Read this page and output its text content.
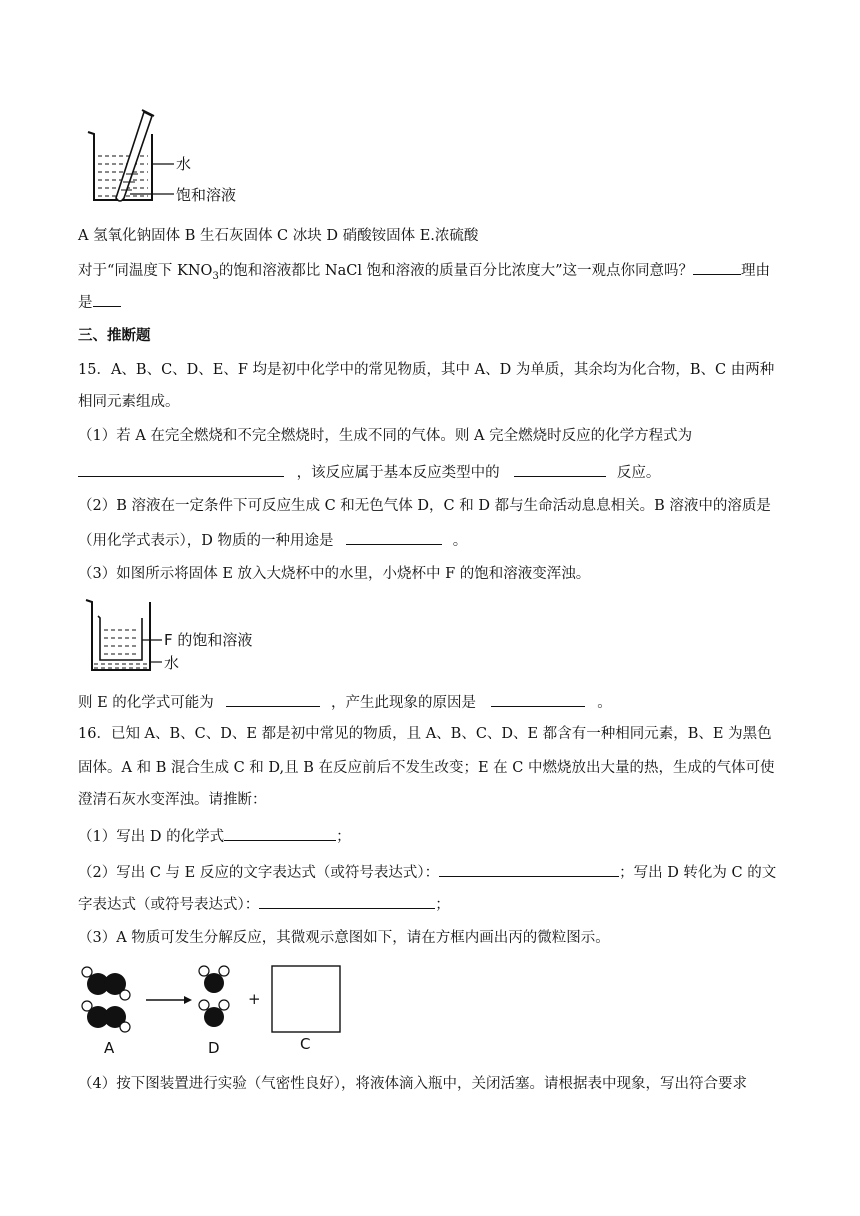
水
饱和溶液
A 氢氧化钠固体 B 生石灰固体 C 冰块 D 硝酸铵固体 E.浓硫酸
对于“同温度下 $KNO_3$的饱和溶液都比 NaCl 饱和溶液的质量百分比浓度大”这一观点你同意吗？	理由
是
三、推断题
15．A、B、C、D、E、F 均是初中化学中的常见物质，其中 A、D 为单质，其余均为化合物，B、C 由两种
相同元素组成。
（1）若 A 在完全燃烧和不完全燃烧时，生成不同的气体。则 A 完全燃烧时反应的化学方程式为
，该反应属于基本反应类型中的	反应。
（2）B 溶液在一定条件下可反应生成 C 和无色气体 D，C 和 D 都与生命活动息息相关。B 溶液中的溶质是
（用化学式表示），D 物质的一种用途是	。
（3）如图所示将固体 E 放入大烧杯中的水里，小烧杯中 F 的饱和溶液变浑浊。
F 的饱和溶液
水
则 E 的化学式可能为	，产生此现象的原因是	。
16．已知 A、B、C、D、E 都是初中常见的物质，且 A、B、C、D、E 都含有一种相同元素，B、E 为黑色
固体。A 和 B 混合生成 C 和 D,且 B 在反应前后不发生改变；E 在 C 中燃烧放出大量的热，生成的气体可使
澄清石灰水变浑浊。请推断：
（1）写出 D 的化学式	；
（2）写出 C 与 E 反应的文字表达式（或符号表达式）：	；写出 D 转化为 C 的文
字表达式（或符号表达式）：	；
（3）A 物质可发生分解反应，其微观示意图如下，请在方框内画出丙的微粒图示。
A	D
+
C
（4）按下图装置进行实验（气密性良好），将液体滴入瓶中，关闭活塞。请根据表中现象，写出符合要求
